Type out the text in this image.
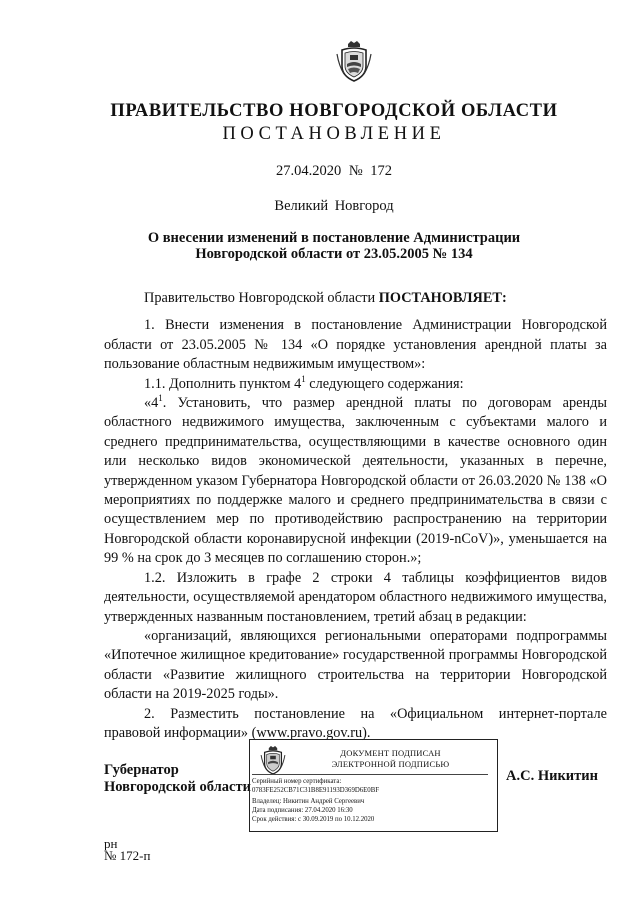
ПРАВИТЕЛЬСТВО НОВГОРОДСКОЙ ОБЛАСТИ
ПОСТАНОВЛЕНИЕ
27.04.2020 № 172
Великий Новгород
О внесении изменений в постановление Администрации
Новгородской области от 23.05.2005 № 134

Правительство Новгородской области ПОСТАНОВЛЯЕТ:

1. Внести изменения в постановление Администрации Новгородской области от 23.05.2005 № 134 «О порядке установления арендной платы за пользование областным недвижимым имуществом»:

1.1. Дополнить пунктом $4^1$ следующего содержания:

«$4^1$. Установить, что размер арендной платы по договорам аренды областного недвижимого имущества, заключенным с субъектами малого и среднего предпринимательства, осуществляющими в качестве основного один или несколько видов экономической деятельности, указанных в перечне, утвержденном указом Губернатора Новгородской области от 26.03.2020 № 138 «О мероприятиях по поддержке малого и среднего предпринимательства в связи с осуществлением мер по противодействию распространению на территории Новгородской области коронавирусной инфекции (2019-nCoV)», уменьшается на 99 % на срок до 3 месяцев по соглашению сторон.»;

1.2. Изложить в графе 2 строки 4 таблицы коэффициентов видов деятельности, осуществляемой арендатором областного недвижимого имущества, утвержденных названным постановлением, третий абзац в редакции:

«организаций, являющихся региональными операторами подпрограммы «Ипотечное жилищное кредитование» государственной программы Новгородской области «Развитие жилищного строительства на территории Новгородской области на 2019-2025 годы».

2. Разместить постановление на «Официальном интернет-портале правовой информации» (www.pravo.gov.ru).

Губернатор
Новгородской области
ДОКУМЕНТ ПОДПИСАН
ЭЛЕКТРОННОЙ ПОДПИСЬЮ
Серийный номер сертификата:
0783FE252CB71C31B8E91193D369D6E0BF
Владелец: Никитин Андрей Сергеевич
Дата подписания: 27.04.2020 16:30
Срок действия: с 30.09.2019 по 10.12.2020
А.С. Никитин
рн
№ 172-п
